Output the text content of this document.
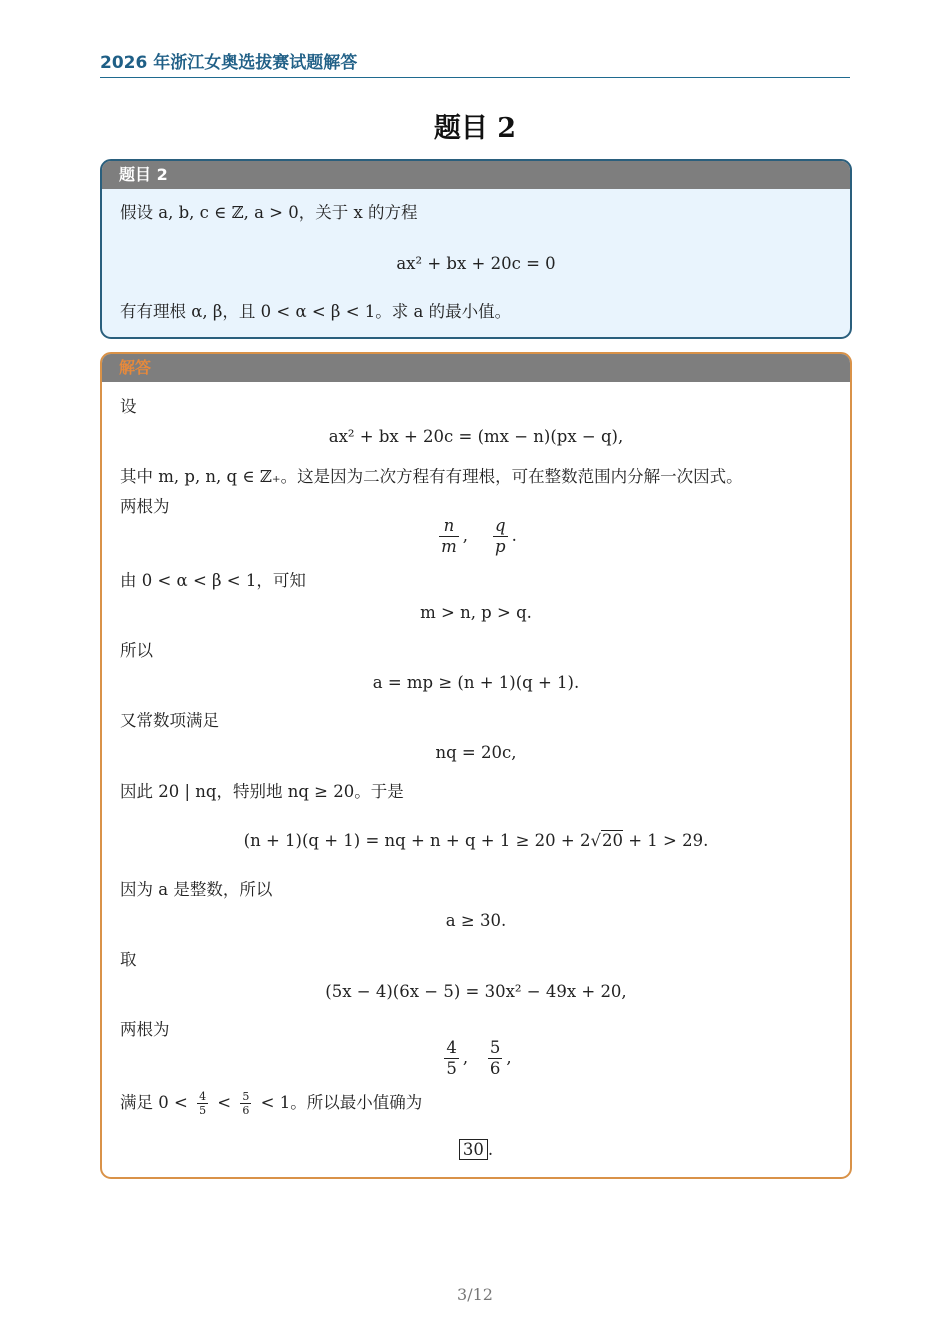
2026 年浙江女奥选拔赛试题解答
题目 2
题目 2
假设 a, b, c ∈ ℤ, a > 0，关于 x 的方程
ax² + bx + 20c = 0
有有理根 α, β，且 0 < α < β < 1。求 a 的最小值。
解答
设
ax² + bx + 20c = (mx − n)(px − q),
其中 m, p, n, q ∈ ℤ₊。这是因为二次方程有有理根，可在整数范围内分解一次因式。
两根为
$\frac{n}{m}$ , $\frac{q}{p}$ .
由 0 < α < β < 1，可知
m > n, p > q.
所以
a = mp ≥ (n + 1)(q + 1).
又常数项满足
nq = 20c,
因此 20 | nq，特别地 nq ≥ 20。于是
(n + 1)(q + 1) = nq + n + q + 1 ≥ 20 + 2√20 + 1 > 29.
因为 a 是整数，所以
a ≥ 30.
取
(5x − 4)(6x − 5) = 30x² − 49x + 20,
两根为
$\frac{4}{5}$ , $\frac{5}{6}$ ,
满足 $0 < \frac{4}{5} < \frac{5}{6} < 1$。所以最小值确为
30 .
3/12
